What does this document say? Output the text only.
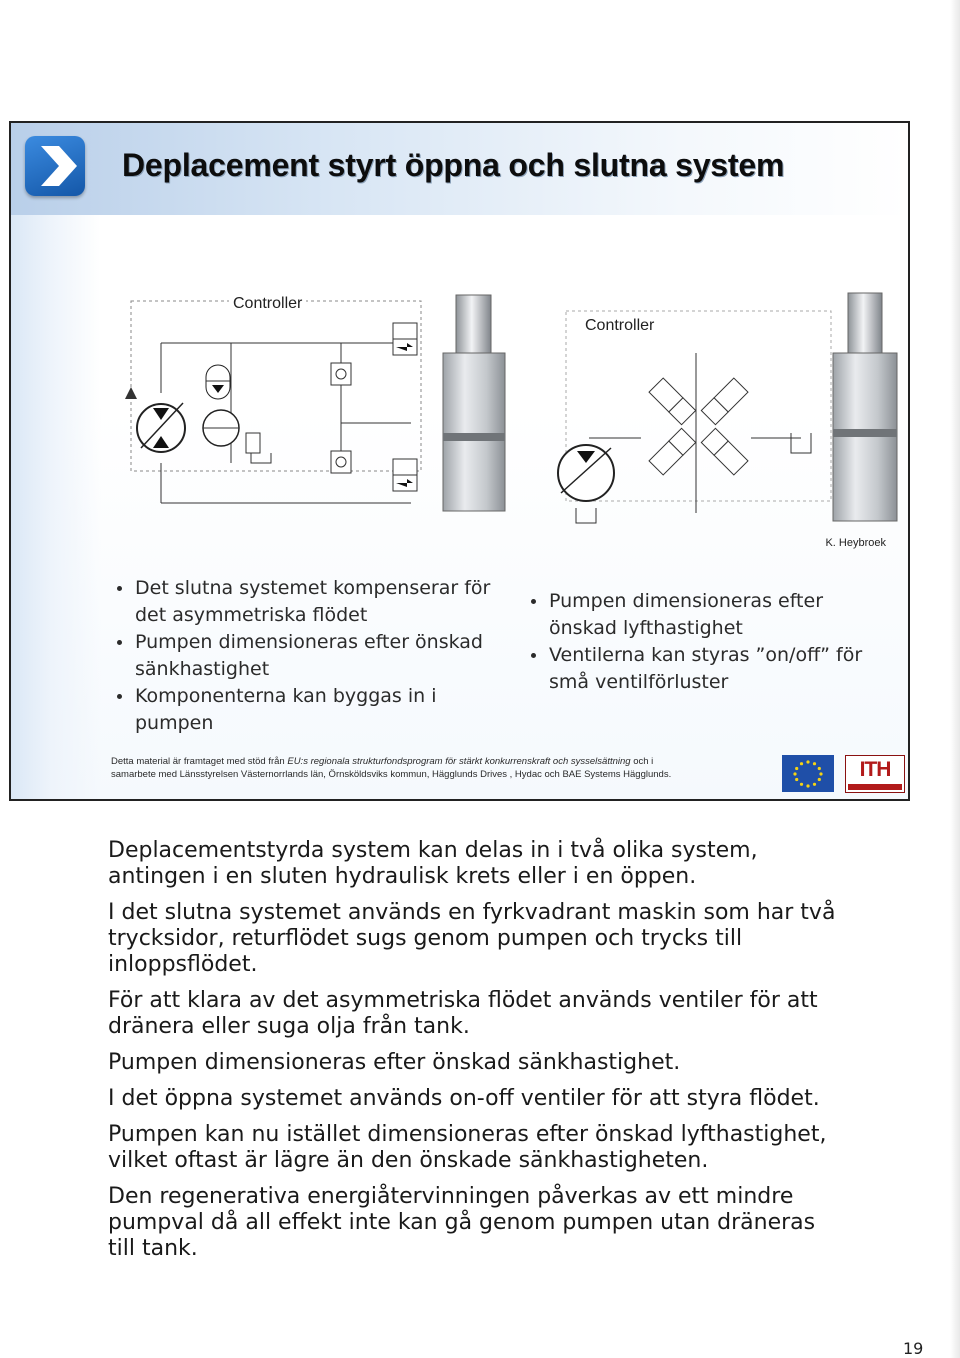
Deplacement styrt öppna och slutna system
Controller
Controller
K. Heybroek

Det slutna systemet kompenserar för det asymmetriska flödet

Pumpen dimensioneras efter önskad sänkhastighet

Komponenterna kan byggas in i pumpen

Pumpen dimensioneras efter önskad lyfthastighet

Ventilerna kan styras ”on/off” för små ventilförluster

Detta material är framtaget med stöd från EU:s regionala strukturfondsprogram för stärkt konkurrenskraft och sysselsättning och i
samarbete med Länsstyrelsen Västernorrlands län, Örnsköldsviks kommun, Hägglunds Drives , Hydac och BAE Systems Hägglunds.	ITH

Deplacementstyrda system kan delas in i två olika system, antingen i en sluten hydraulisk krets eller i en öppen.

I det slutna systemet används en fyrkvadrant maskin som har två trycksidor, returflödet sugs genom pumpen och trycks till inloppsflödet.

För att klara av det asymmetriska flödet används ventiler för att dränera eller suga olja från tank.

Pumpen dimensioneras efter önskad sänkhastighet.

I det öppna systemet används on-off ventiler för att styra flödet.

Pumpen kan nu istället dimensioneras efter önskad lyfthastighet, vilket oftast är lägre än den önskade sänkhastigheten.

Den regenerativa energiåtervinningen påverkas av ett mindre pumpval då all effekt inte kan gå genom pumpen utan dräneras till tank.

19
